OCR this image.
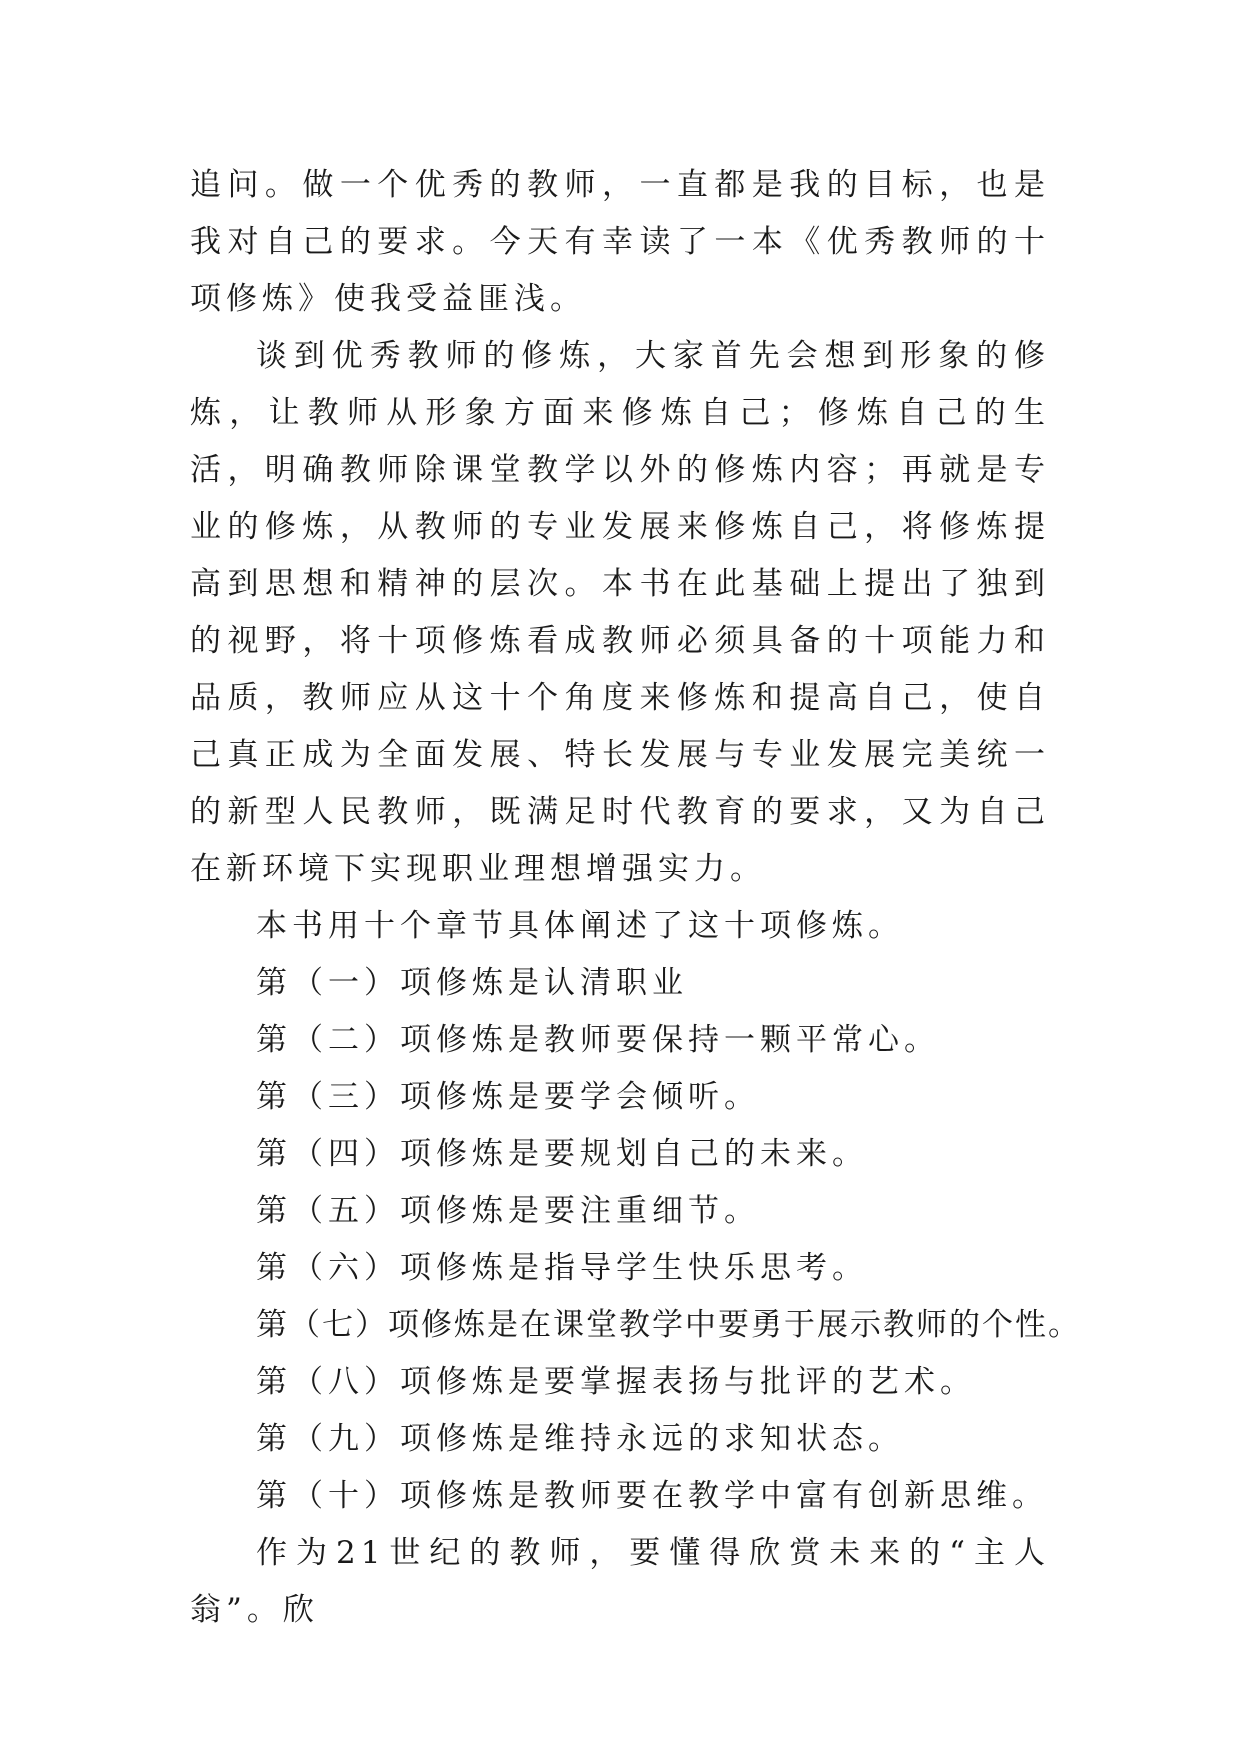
追问。做一个优秀的教师，一直都是我的目标，也是我对自己的要求。今天有幸读了一本《优秀教师的十项修炼》使我受益匪浅。

谈到优秀教师的修炼，大家首先会想到形象的修炼，让教师从形象方面来修炼自己；修炼自己的生活，明确教师除课堂教学以外的修炼内容；再就是专业的修炼，从教师的专业发展来修炼自己，将修炼提高到思想和精神的层次。本书在此基础上提出了独到的视野，将十项修炼看成教师必须具备的十项能力和品质，教师应从这十个角度来修炼和提高自己，使自己真正成为全面发展、特长发展与专业发展完美统一的新型人民教师，既满足时代教育的要求，又为自己在新环境下实现职业理想增强实力。

本书用十个章节具体阐述了这十项修炼。

第（一）项修炼是认清职业

第（二）项修炼是教师要保持一颗平常心。

第（三）项修炼是要学会倾听。

第（四）项修炼是要规划自己的未来。

第（五）项修炼是要注重细节。

第（六）项修炼是指导学生快乐思考。

第（七）项修炼是在课堂教学中要勇于展示教师的个性。

第（八）项修炼是要掌握表扬与批评的艺术。

第（九）项修炼是维持永远的求知状态。

第（十）项修炼是教师要在教学中富有创新思维。

作为21世纪的教师，要懂得欣赏未来的“主人翁”。欣
